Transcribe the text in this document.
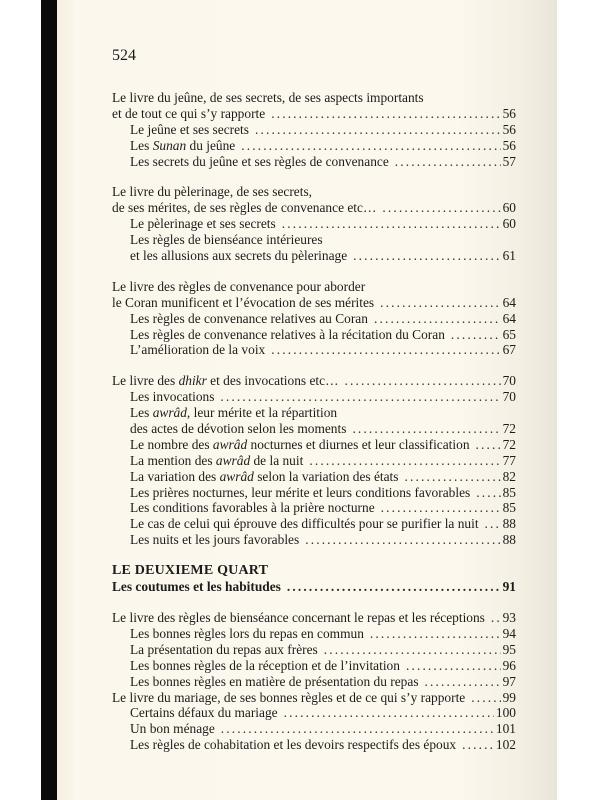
524
Le livre du jeûne, de ses secrets, de ses aspects importants
et de tout ce qui s’y rapporte . . .	56
Le jeûne et ses secrets . . .	56
Les Sunan du jeûne . . .	56
Les secrets du jeûne et ses règles de convenance . . .	57
Le livre du pèlerinage, de ses secrets,
de ses mérites, de ses règles de convenance etc… . . .	60
Le pèlerinage et ses secrets . . .	60
Les règles de bienséance intérieures
et les allusions aux secrets du pèlerinage . . .	61
Le livre des règles de convenance pour aborder
le Coran munificent et l’évocation de ses mérites . . .	64
Les règles de convenance relatives au Coran . . .	64
Les règles de convenance relatives à la récitation du Coran . . .	65
L’amélioration de la voix . . .	67
Le livre des dhikr et des invocations etc… . . .	70
Les invocations . . .	70
Les awrâd, leur mérite et la répartition
des actes de dévotion selon les moments . . .	72
Le nombre des awrâd nocturnes et diurnes et leur classification . . . 72
La mention des awrâd de la nuit . . .	77
La variation des awrâd selon la variation des états . . .	82
Les prières nocturnes, leur mérite et leurs conditions favorables . . . 85
Les conditions favorables à la prière nocturne . . .	85
Le cas de celui qui éprouve des difficultés pour se purifier la nuit . . . 88
Les nuits et les jours favorables . . .	88
LE DEUXIEME QUART
Les coutumes et les habitudes . . .	91
Le livre des règles de bienséance concernant le repas et les réceptions . . . 93
Les bonnes règles lors du repas en commun . . .	94
La présentation du repas aux frères . . .	95
Les bonnes règles de la réception et de l’invitation . . .	96
Les bonnes règles en matière de présentation du repas . . .	97
Le livre du mariage, de ses bonnes règles et de ce qui s’y rapporte . . .	99
Certains défaux du mariage . . .	100
Un bon ménage . . .	101
Les règles de cohabitation et les devoirs respectifs des époux . . .	102
